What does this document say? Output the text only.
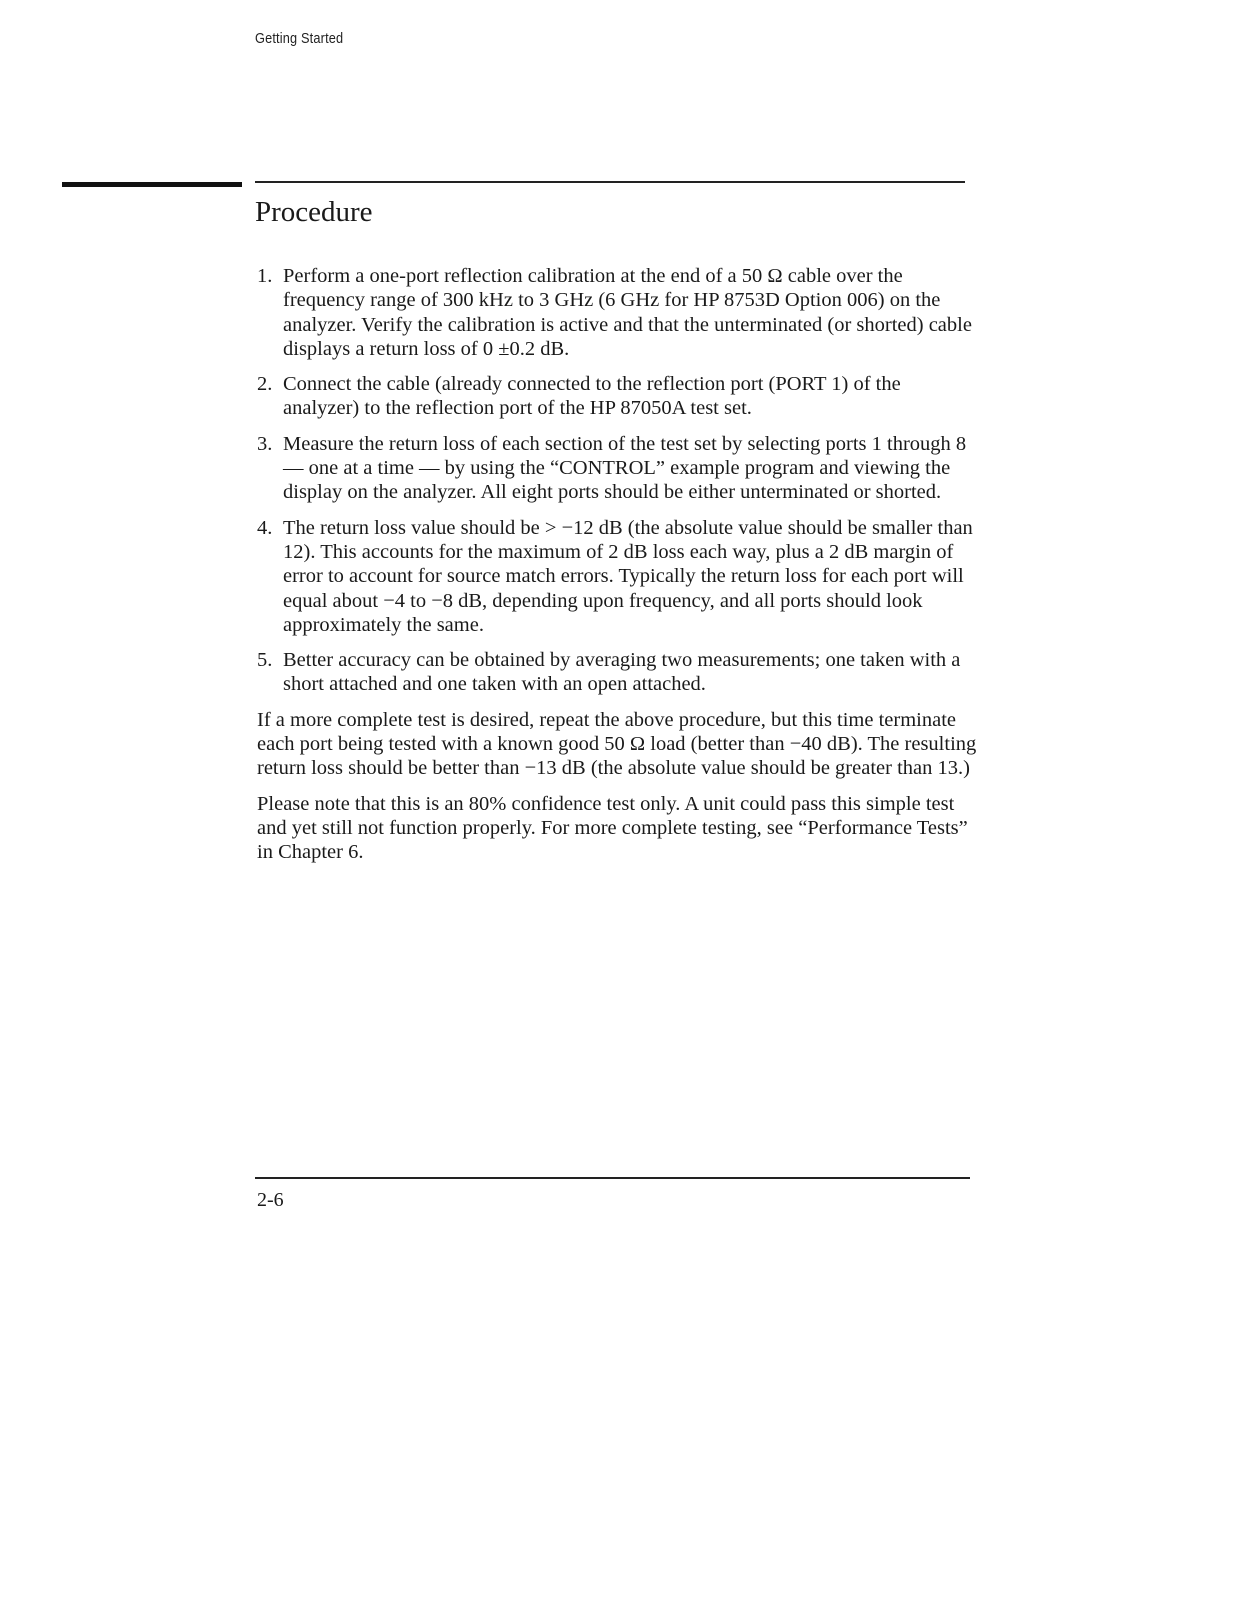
Getting Started
Procedure
1. Perform a one-port reflection calibration at the end of a 50 Ω cable over the frequency range of 300 kHz to 3 GHz (6 GHz for HP 8753D Option 006) on the analyzer. Verify the calibration is active and that the unterminated (or shorted) cable displays a return loss of 0 ±0.2 dB.
2. Connect the cable (already connected to the reflection port (PORT 1) of the analyzer) to the reflection port of the HP 87050A test set.
3. Measure the return loss of each section of the test set by selecting ports 1 through 8 — one at a time — by using the “CONTROL” example program and viewing the display on the analyzer. All eight ports should be either unterminated or shorted.
4. The return loss value should be > −12 dB (the absolute value should be smaller than 12). This accounts for the maximum of 2 dB loss each way, plus a 2 dB margin of error to account for source match errors. Typically the return loss for each port will equal about −4 to −8 dB, depending upon frequency, and all ports should look approximately the same.
5. Better accuracy can be obtained by averaging two measurements; one taken with a short attached and one taken with an open attached.

If a more complete test is desired, repeat the above procedure, but this time terminate each port being tested with a known good 50 Ω load (better than −40 dB). The resulting return loss should be better than −13 dB (the absolute value should be greater than 13.)

Please note that this is an 80% confidence test only. A unit could pass this simple test and yet still not function properly. For more complete testing, see “Performance Tests” in Chapter 6.

2-6
